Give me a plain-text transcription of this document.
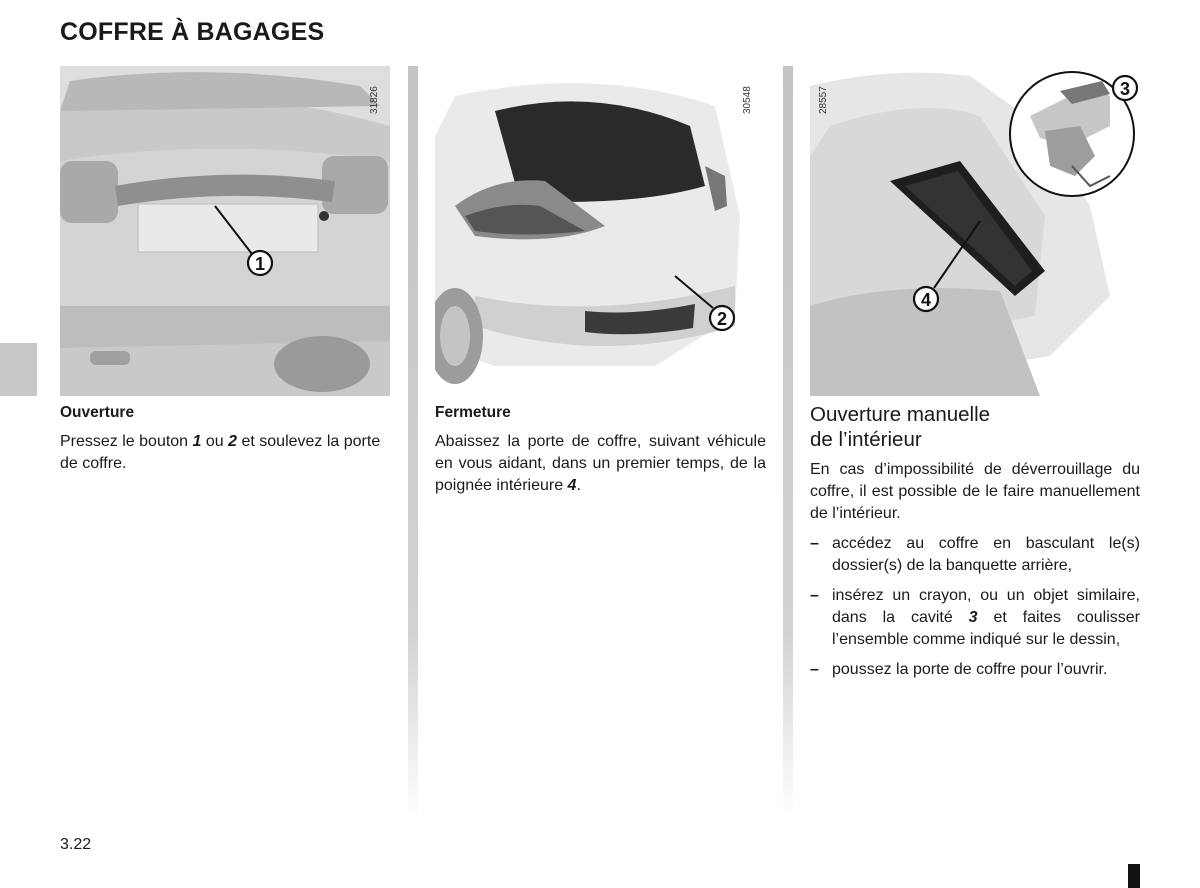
COFFRE À BAGAGES
1
31826
2
30548
4
3
28557
Ouverture

Pressez le bouton 1 ou 2 et soulevez la porte de coffre.

Fermeture

Abaissez la porte de coffre, suivant véhicule en vous aidant, dans un premier temps, de la poignée intérieure 4.

Ouverture manuelle
de l’intérieur

En cas d’impossibilité de déverrouillage du coffre, il est possible de le faire manuellement de l’intérieur.

– accédez au coffre en basculant le(s) dossier(s) de la banquette arrière,
– insérez un crayon, ou un objet similaire, dans la cavité 3 et faites coulisser l’ensemble comme indiqué sur le dessin,
– poussez la porte de coffre pour l’ouvrir.
3.22
